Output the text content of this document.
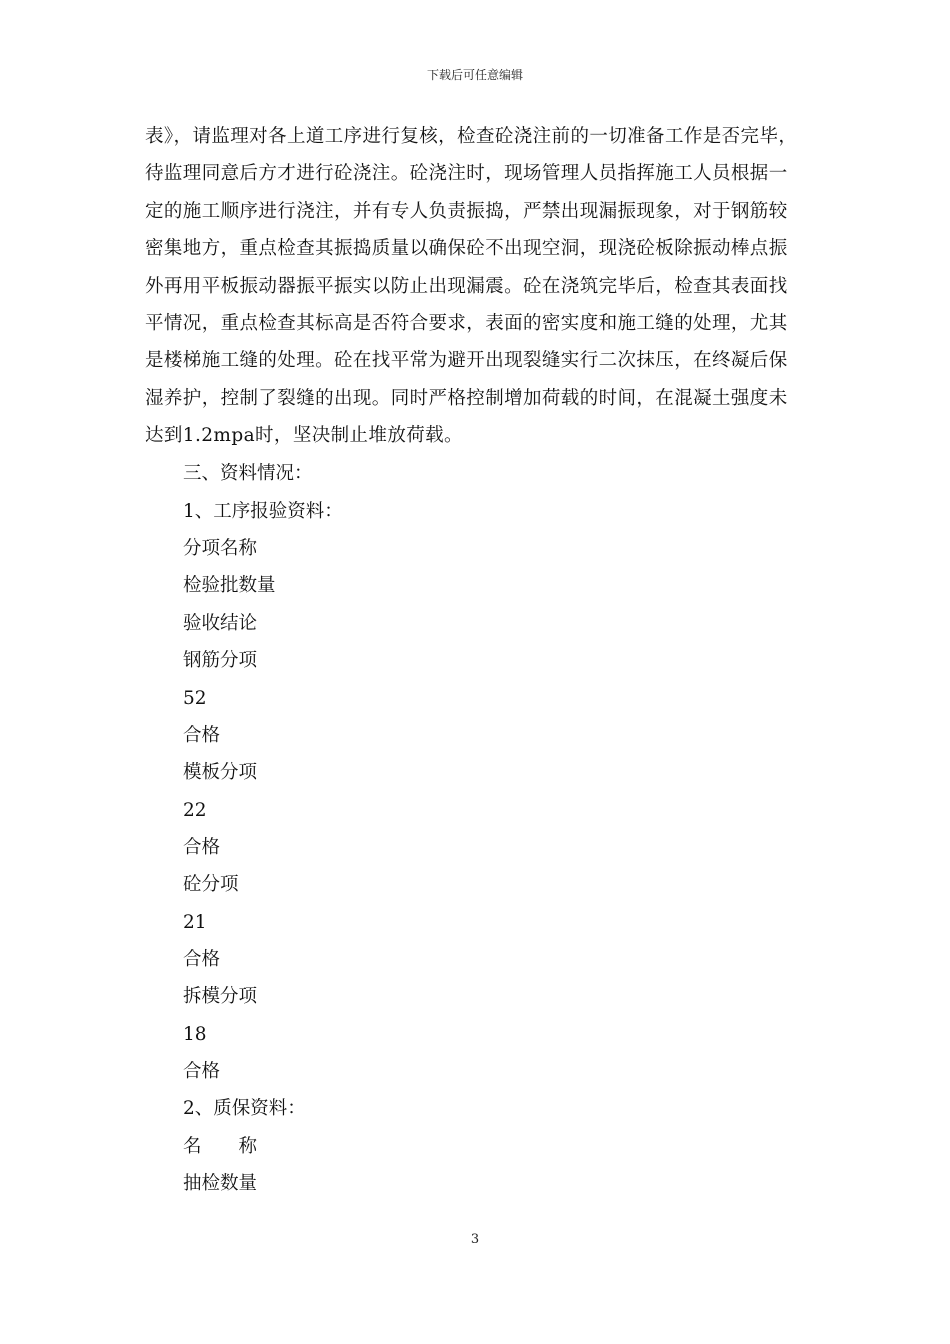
下载后可任意编辑

表》，请监理对各上道工序进行复核，检查砼浇注前的一切准备工作是否完毕，
待监理同意后方才进行砼浇注。砼浇注时，现场管理人员指挥施工人员根据一
定的施工顺序进行浇注，并有专人负责振捣，严禁出现漏振现象，对于钢筋较
密集地方，重点检查其振捣质量以确保砼不出现空洞，现浇砼板除振动棒点振
外再用平板振动器振平振实以防止出现漏震。砼在浇筑完毕后，检查其表面找
平情况，重点检查其标高是否符合要求，表面的密实度和施工缝的处理，尤其
是楼梯施工缝的处理。砼在找平常为避开出现裂缝实行二次抹压，在终凝后保
湿养护，控制了裂缝的出现。同时严格控制增加荷载的时间，在混凝土强度未
达到1.2mpa时，坚决制止堆放荷载。

三、资料情况：
1、工序报验资料：
分项名称
检验批数量
验收结论
钢筋分项
52
合格
模板分项
22
合格
砼分项
21
合格
拆模分项
18
合格
2、质保资料：
名　　称
抽检数量
3
